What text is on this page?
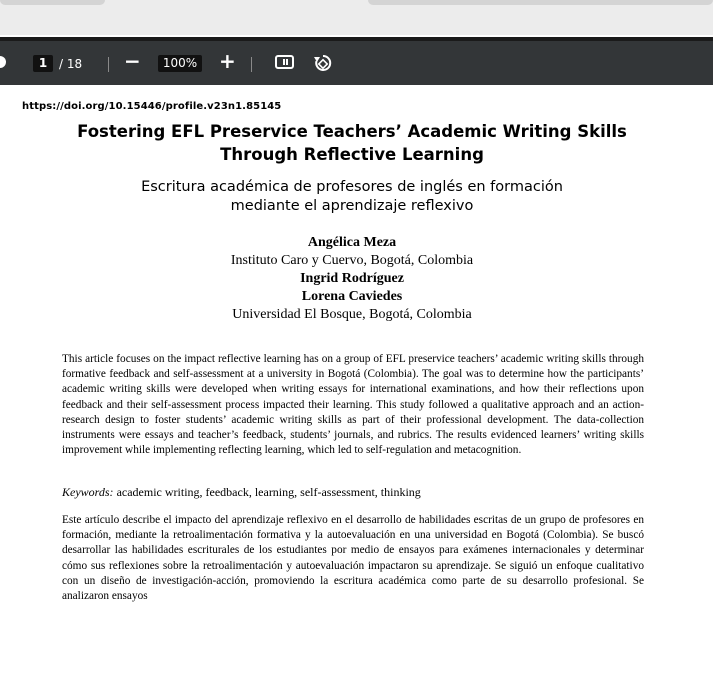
1 / 18 −	100% +
https://doi.org/10.15446/profile.v23n1.85145
Fostering EFL Preservice Teachers’ Academic Writing Skills
Through Reflective Learning
Escritura académica de profesores de inglés en formación
mediante el aprendizaje reflexivo
Angélica Meza
Instituto Caro y Cuervo, Bogotá, Colombia
Ingrid Rodríguez
Lorena Caviedes
Universidad El Bosque, Bogotá, Colombia
This article focuses on the impact reflective learning has on a group of EFL preservice teachers’ academic writing skills through formative feedback and self-assessment at a university in Bogotá (Colombia). The goal was to determine how the participants’ academic writing skills were developed when writing essays for international examinations, and how their reflections upon feedback and their self-assessment process impacted their learning. This study followed a qualitative approach and an action-research design to foster students’ academic writing skills as part of their professional development. The data-collection instruments were essays and teacher’s feedback, students’ journals, and rubrics. The results evidenced learners’ writing skills improvement while implementing reflecting learning, which led to self-regulation and metacognition.
Keywords: academic writing, feedback, learning, self-assessment, thinking
Este artículo describe el impacto del aprendizaje reflexivo en el desarrollo de habilidades escritas de un grupo de profesores en formación, mediante la retroalimentación formativa y la autoevaluación en una universidad en Bogotá (Colombia). Se buscó desarrollar las habilidades escriturales de los estudiantes por medio de ensayos para exámenes internacionales y determinar cómo sus reflexiones sobre la retroalimentación y autoevaluación impactaron su aprendizaje. Se siguió un enfoque cualitativo con un diseño de investigación-acción, promoviendo la escritura académica como parte de su desarrollo profesional. Se analizaron ensayos
